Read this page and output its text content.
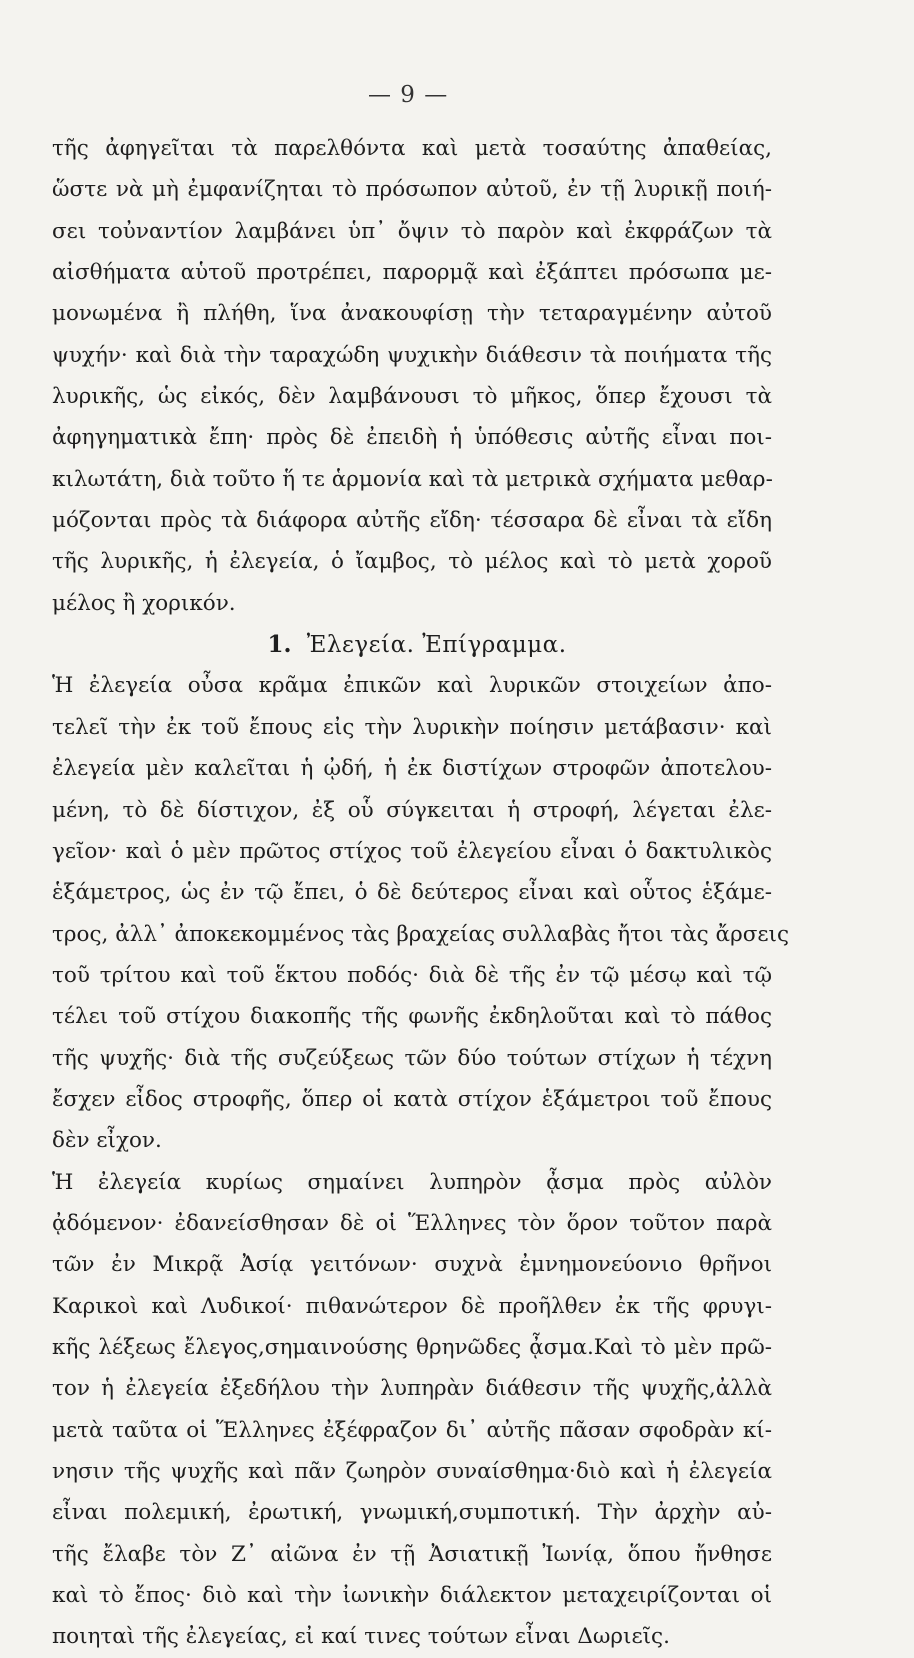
— 9 —
τῆς ἀφηγεῖται τὰ παρελθόντα καὶ μετὰ τοσαύτης ἀπαθείας,
ὥστε νὰ μὴ ἐμφανίζηται τὸ πρόσωπον αὐτοῦ, ἐν τῇ λυρικῇ ποιή-
σει τοὐναντίον λαμβάνει ὑπ᾽ ὄψιν τὸ παρὸν καὶ ἐκφράζων τὰ
αἰσθήματα αὑτοῦ προτρέπει, παρορμᾷ καὶ ἐξάπτει πρόσωπα με-
μονωμένα ἢ πλήθη, ἵνα ἀνακουφίσῃ τὴν τεταραγμένην αὐτοῦ
ψυχήν· καὶ διὰ τὴν ταραχώδη ψυχικὴν διάθεσιν τὰ ποιήματα τῆς
λυρικῆς, ὡς εἰκός, δὲν λαμβάνουσι τὸ μῆκος, ὅπερ ἔχουσι τὰ
ἀφηγηματικὰ ἔπη· πρὸς δὲ ἐπειδὴ ἡ ὑπόθεσις αὐτῆς εἶναι ποι-
κιλωτάτη, διὰ τοῦτο ἥ τε ἁρμονία καὶ τὰ μετρικὰ σχήματα μεθαρ-
μόζονται πρὸς τὰ διάφορα αὐτῆς εἴδη· τέσσαρα δὲ εἶναι τὰ εἴδη
τῆς λυρικῆς, ἡ ἐλεγεία, ὁ ἴαμβος, τὸ μέλος καὶ τὸ μετὰ χοροῦ
μέλος ἢ χορικόν.
1. Ἐλεγεία. Ἐπίγραμμα.
Ἡ ἐλεγεία οὖσα κρᾶμα ἐπικῶν καὶ λυρικῶν στοιχείων ἀπο-
τελεῖ τὴν ἐκ τοῦ ἔπους εἰς τὴν λυρικὴν ποίησιν μετάβασιν· καὶ
ἐλεγεία μὲν καλεῖται ἡ ᾠδή, ἡ ἐκ διστίχων στροφῶν ἀποτελου-
μένη, τὸ δὲ δίστιχον, ἐξ οὗ σύγκειται ἡ στροφή, λέγεται ἐλε-
γεῖον· καὶ ὁ μὲν πρῶτος στίχος τοῦ ἐλεγείου εἶναι ὁ δακτυλικὸς
ἑξάμετρος, ὡς ἐν τῷ ἔπει, ὁ δὲ δεύτερος εἶναι καὶ οὗτος ἑξάμε-
τρος, ἀλλ᾽ ἀποκεκομμένος τὰς βραχείας συλλαβὰς ἤτοι τὰς ἄρσεις
τοῦ τρίτου καὶ τοῦ ἕκτου ποδός· διὰ δὲ τῆς ἐν τῷ μέσῳ καὶ τῷ
τέλει τοῦ στίχου διακοπῆς τῆς φωνῆς ἐκδηλοῦται καὶ τὸ πάθος
τῆς ψυχῆς· διὰ τῆς συζεύξεως τῶν δύο τούτων στίχων ἡ τέχνη
ἔσχεν εἶδος στροφῆς, ὅπερ οἱ κατὰ στίχον ἑξάμετροι τοῦ ἔπους
δὲν εἶχον.
Ἡ ἐλεγεία κυρίως σημαίνει λυπηρὸν ᾆσμα πρὸς αὐλὸν
ᾀδόμενον· ἐδανείσθησαν δὲ οἱ Ἕλληνες τὸν ὅρον τοῦτον παρὰ
τῶν ἐν Μικρᾷ Ἀσίᾳ γειτόνων· συχνὰ ἐμνημονεύονιο θρῆνοι
Καρικοὶ καὶ Λυδικοί· πιθανώτερον δὲ προῆλθεν ἐκ τῆς φρυγι-
κῆς λέξεως ἔλεγος,σημαινούσης θρηνῶδες ᾆσμα.Καὶ τὸ μὲν πρῶ-
τον ἡ ἐλεγεία ἐξεδήλου τὴν λυπηρὰν διάθεσιν τῆς ψυχῆς,ἀλλὰ
μετὰ ταῦτα οἱ Ἕλληνες ἐξέφραζον δι᾽ αὐτῆς πᾶσαν σφοδρὰν κί-
νησιν τῆς ψυχῆς καὶ πᾶν ζωηρὸν συναίσθημα·διὸ καὶ ἡ ἐλεγεία
εἶναι πολεμική, ἐρωτική, γνωμική,συμποτική. Τὴν ἀρχὴν αὐ-
τῆς ἔλαβε τὸν Ζ᾽ αἰῶνα ἐν τῇ Ἀσιατικῇ Ἰωνίᾳ, ὅπου ἤνθησε
καὶ τὸ ἔπος· διὸ καὶ τὴν ἰωνικὴν διάλεκτον μεταχειρίζονται οἱ
ποιηταὶ τῆς ἐλεγείας, εἰ καί τινες τούτων εἶναι Δωριεῖς.
